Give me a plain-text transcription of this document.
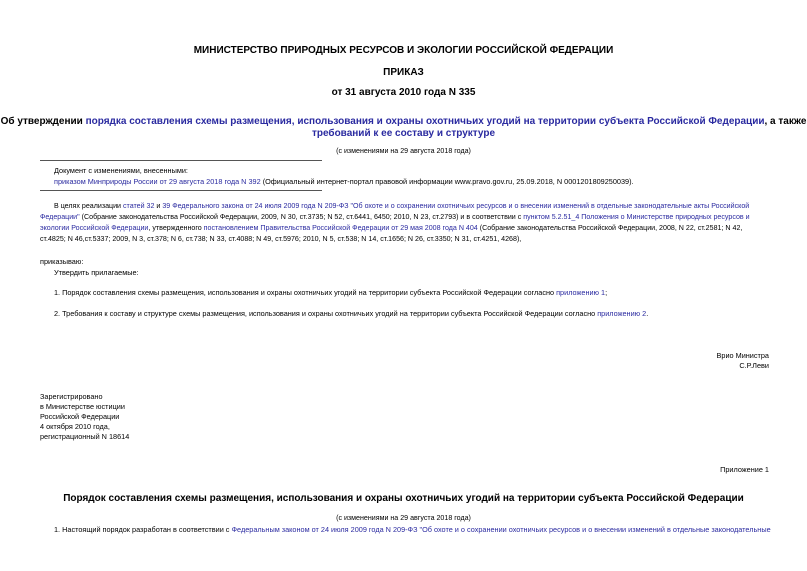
МИНИСТЕРСТВО ПРИРОДНЫХ РЕСУРСОВ И ЭКОЛОГИИ РОССИЙСКОЙ ФЕДЕРАЦИИ
ПРИКАЗ
от 31 августа 2010 года N 335
Об утверждении порядка составления схемы размещения, использования и охраны охотничьих угодий на территории субъекта Российской Федерации, а также
требований к ее составу и структуре
(с изменениями на 29 августа 2018 года)
Документ с изменениями, внесенными:
приказом Минприроды России от 29 августа 2018 года N 392 (Официальный интернет-портал правовой информации www.pravo.gov.ru, 25.09.2018, N 0001201809250039).
В целях реализации статей 32 и 39 Федерального закона от 24 июля 2009 года N 209-ФЗ "Об охоте и о сохранении охотничьих ресурсов и о внесении изменений в отдельные законодательные акты Российской
Федерации" (Собрание законодательства Российской Федерации, 2009, N 30, ст.3735; N 52, ст.6441, 6450; 2010, N 23, ст.2793) и в соответствии с пунктом 5.2.51_4 Положения о Министерстве природных ресурсов и
экологии Российской Федерации, утвержденного постановлением Правительства Российской Федерации от 29 мая 2008 года N 404 (Собрание законодательства Российской Федерации, 2008, N 22, ст.2581; N 42,
ст.4825; N 46,ст.5337; 2009, N 3, ст.378; N 6, ст.738; N 33, ст.4088; N 49, ст.5976; 2010, N 5, ст.538; N 14, ст.1656; N 26, ст.3350; N 31, ст.4251, 4268),
приказываю:
Утвердить прилагаемые:
1. Порядок составления схемы размещения, использования и охраны охотничьих угодий на территории субъекта Российской Федерации согласно приложению 1;
2. Требования к составу и структуре схемы размещения, использования и охраны охотничьих угодий на территории субъекта Российской Федерации согласно приложению 2.
Врио Министра
С.Р.Леви
Зарегистрировано
в Министерстве юстиции
Российской Федерации
4 октября 2010 года,
регистрационный N 18614
Приложение 1
Порядок составления схемы размещения, использования и охраны охотничьих угодий на территории субъекта Российской Федерации
(с изменениями на 29 августа 2018 года)
1. Настоящий порядок разработан в соответствии с Федеральным законом от 24 июля 2009 года N 209-ФЗ "Об охоте и о сохранении охотничьих ресурсов и о внесении изменений в отдельные законодательные
